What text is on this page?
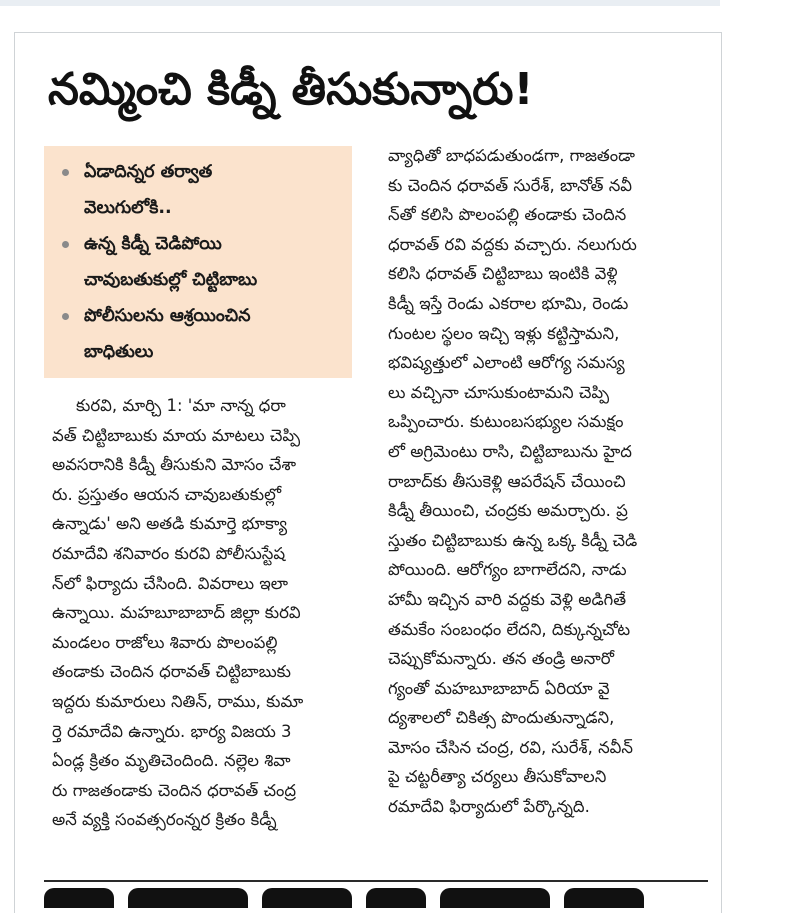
నమ్మించి కిడ్నీ తీసుకున్నారు!
ఏడాదిన్నర తర్వాత
వెలుగులోకి..
ఉన్న కిడ్నీ చెడిపోయి
చావుబతుకుల్లో చిట్టిబాబు
పోలీసులను ఆశ్రయించిన
బాధితులు
కురవి, మార్చి 1: 'మా నాన్న ధరా
వత్ చిట్టిబాబుకు మాయ మాటలు చెప్పి
అవసరానికి కిడ్నీ తీసుకుని మోసం చేశా
రు. ప్రస్తుతం ఆయన చావుబతుకుల్లో
ఉన్నాడు' అని అతడి కుమార్తె భూక్యా
రమాదేవి శనివారం కురవి పోలీసుస్టేష
న్‌లో ఫిర్యాదు చేసింది. వివరాలు ఇలా
ఉన్నాయి. మహబూబాబాద్ జిల్లా కురవి
మండలం రాజోలు శివారు పొలంపల్లి
తండాకు చెందిన ధరావత్ చిట్టిబాబుకు
ఇద్దరు కుమారులు నితిన్, రాము, కుమా
ర్తె రమాదేవి ఉన్నారు. భార్య విజయ 3
ఏండ్ల క్రితం మృతిచెందింది. నల్లెల శివా
రు గాజతండాకు చెందిన ధరావత్ చంద్ర
అనే వ్యక్తి సంవత్సరంన్నర క్రితం కిడ్నీ
వ్యాధితో బాధపడుతుండగా, గాజతండా
కు చెందిన ధరావత్ సురేశ్, బానోత్ నవీ
న్‌తో కలిసి పొలంపల్లి తండాకు చెందిన
ధరావత్ రవి వద్దకు వచ్చారు. నలుగురు
కలిసి ధరావత్ చిట్టిబాబు ఇంటికి వెళ్లి
కిడ్నీ ఇస్తే రెండు ఎకరాల భూమి, రెండు
గుంటల స్థలం ఇచ్చి ఇళ్లు కట్టిస్తామని,
భవిష్యత్తులో ఎలాంటి ఆరోగ్య సమస్య
లు వచ్చినా చూసుకుంటామని చెప్పి
ఒప్పించారు. కుటుంబసభ్యుల సమక్షం
లో అగ్రిమెంటు రాసి, చిట్టిబాబును హైద
రాబాద్‌కు తీసుకెళ్లి ఆపరేషన్ చేయించి
కిడ్నీ తీయించి, చంద్రకు అమర్చారు. ప్ర
స్తుతం చిట్టిబాబుకు ఉన్న ఒక్క కిడ్నీ చెడి
పోయింది. ఆరోగ్యం బాగాలేదని, నాడు
హామీ ఇచ్చిన వారి వద్దకు వెళ్లి అడిగితే
తమకేం సంబంధం లేదని, దిక్కున్నచోట
చెప్పుకోమన్నారు. తన తండ్రి అనారో
గ్యంతో మహబూబాబాద్ ఏరియా వై
ద్యశాలలో చికిత్స పొందుతున్నాడని,
మోసం చేసిన చంద్ర, రవి, సురేశ్, నవీన్
పై చట్టరీత్యా చర్యలు తీసుకోవాలని
రమాదేవి ఫిర్యాదులో పేర్కొన్నది.
